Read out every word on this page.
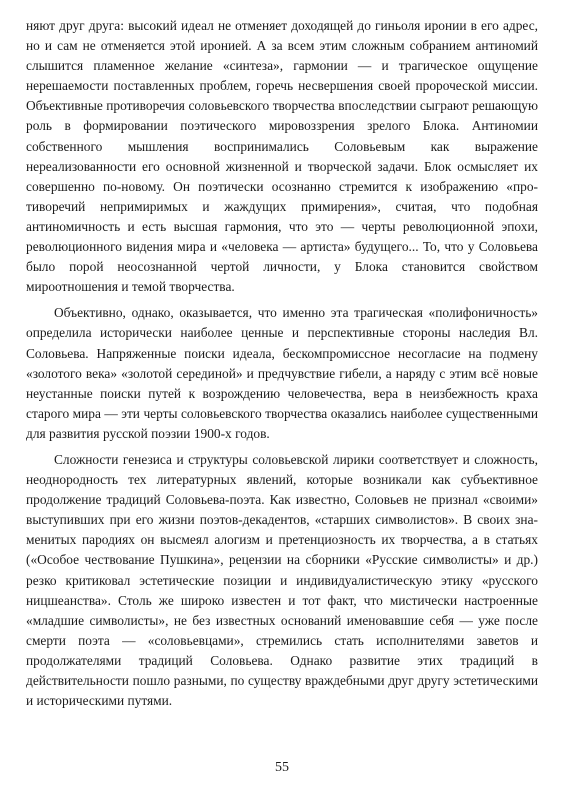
няют друг друга: высокий идеал не отменяет доходящей до гиньоля иронии в его адрес, но и сам не отменяется этой иронией. А за всем этим сложным собранием антиномий слышится пламенное желание «синтеза», гармонии — и трагическое ощущение нерешаемости поставленных проблем, горечь несвершения своей пророческой миссии. Объективные противоречия соловьевского творчества впоследствии сыграют решающую роль в формировании поэтического мировоззрения зрелого Блока. Антиномии собственного мышления воспринимались Соловьевым как выражение нереализованности его основной жизненной и творческой задачи. Блок осмысляет их совершенно по-новому. Он поэтически осознанно стремится к изображению «противоречий непримиримых и жаждущих примирения», считая, что подобная антиномичность и есть высшая гармония, что это — черты революционной эпохи, революционного видения мира и «человека — артиста» будущего... То, что у Соловьева было порой неосознанной чертой личности, у Блока становится свойством мироотношения и темой творчества.

Объективно, однако, оказывается, что именно эта трагическая «полифоничность» определила исторически наиболее ценные и перспективные стороны наследия Вл. Соловьева. Напряженные поиски идеала, бескомпромиссное несогласие на подмену «золотого века» «золотой серединой» и предчувствие гибели, а наряду с этим всё новые неустанные поиски путей к возрождению человечества, вера в неизбежность краха старого мира — эти черты соловьевского творчества оказались наиболее существенными для развития русской поэзии 1900-х годов.

Сложности генезиса и структуры соловьевской лирики соответствует и сложность, неоднородность тех литературных явлений, которые возникали как субъективное продолжение традиций Соловьева-поэта. Как известно, Соловьев не признал «своими» выступивших при его жизни поэтов-декадентов, «старших символистов». В своих знаменитых пародиях он высмеял алогизм и претенциозность их творчества, а в статьях («Особое чествование Пушкина», рецензии на сборники «Русские символисты» и др.) резко критиковал эстетические позиции и индивидуалистическую этику «русского ницшеанства». Столь же широко известен и тот факт, что мистически настроенные «младшие символисты», не без известных оснований именовавшие себя — уже после смерти поэта — «соловьевцами», стремились стать исполнителями заветов и продолжателями традиций Соловьева. Однако развитие этих традиций в действительности пошло разными, по существу враждебными друг другу эстетическими и историческими путями.

55
